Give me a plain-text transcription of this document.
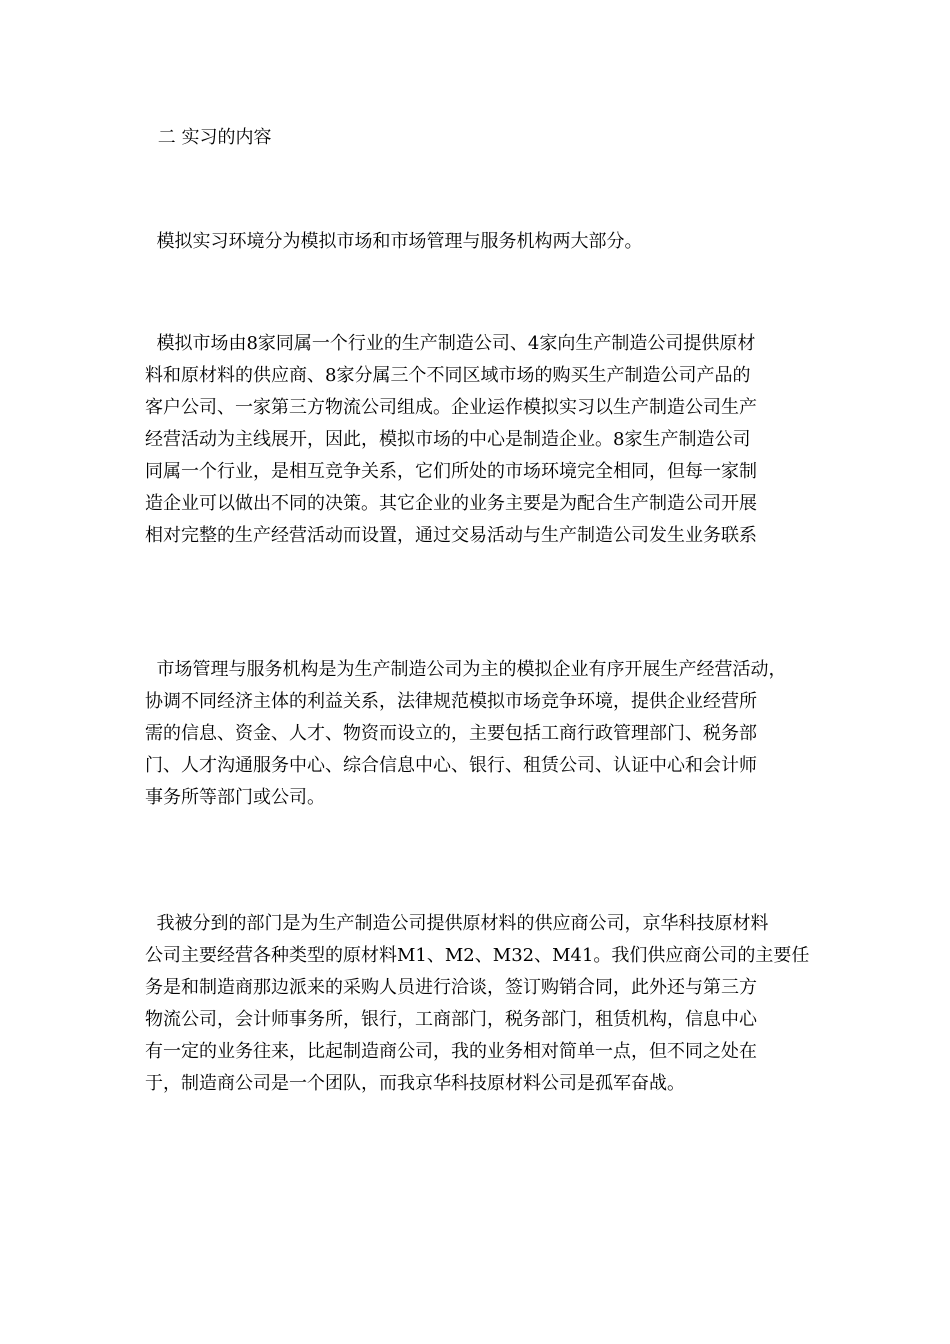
二 实习的内容
模拟实习环境分为模拟市场和市场管理与服务机构两大部分。
模拟市场由8家同属一个行业的生产制造公司、4家向生产制造公司提供原材
料和原材料的供应商、8家分属三个不同区域市场的购买生产制造公司产品的
客户公司、一家第三方物流公司组成。企业运作模拟实习以生产制造公司生产
经营活动为主线展开，因此，模拟市场的中心是制造企业。8家生产制造公司
同属一个行业，是相互竞争关系，它们所处的市场环境完全相同，但每一家制
造企业可以做出不同的决策。其它企业的业务主要是为配合生产制造公司开展
相对完整的生产经营活动而设置，通过交易活动与生产制造公司发生业务联系
市场管理与服务机构是为生产制造公司为主的模拟企业有序开展生产经营活动，
协调不同经济主体的利益关系，法律规范模拟市场竞争环境，提供企业经营所
需的信息、资金、人才、物资而设立的，主要包括工商行政管理部门、税务部
门、人才沟通服务中心、综合信息中心、银行、租赁公司、认证中心和会计师
事务所等部门或公司。
我被分到的部门是为生产制造公司提供原材料的供应商公司，京华科技原材料
公司主要经营各种类型的原材料M1、M2、M32、M41。我们供应商公司的主要任
务是和制造商那边派来的采购人员进行洽谈，签订购销合同，此外还与第三方
物流公司，会计师事务所，银行，工商部门，税务部门，租赁机构，信息中心
有一定的业务往来，比起制造商公司，我的业务相对简单一点，但不同之处在
于，制造商公司是一个团队，而我京华科技原材料公司是孤军奋战。
